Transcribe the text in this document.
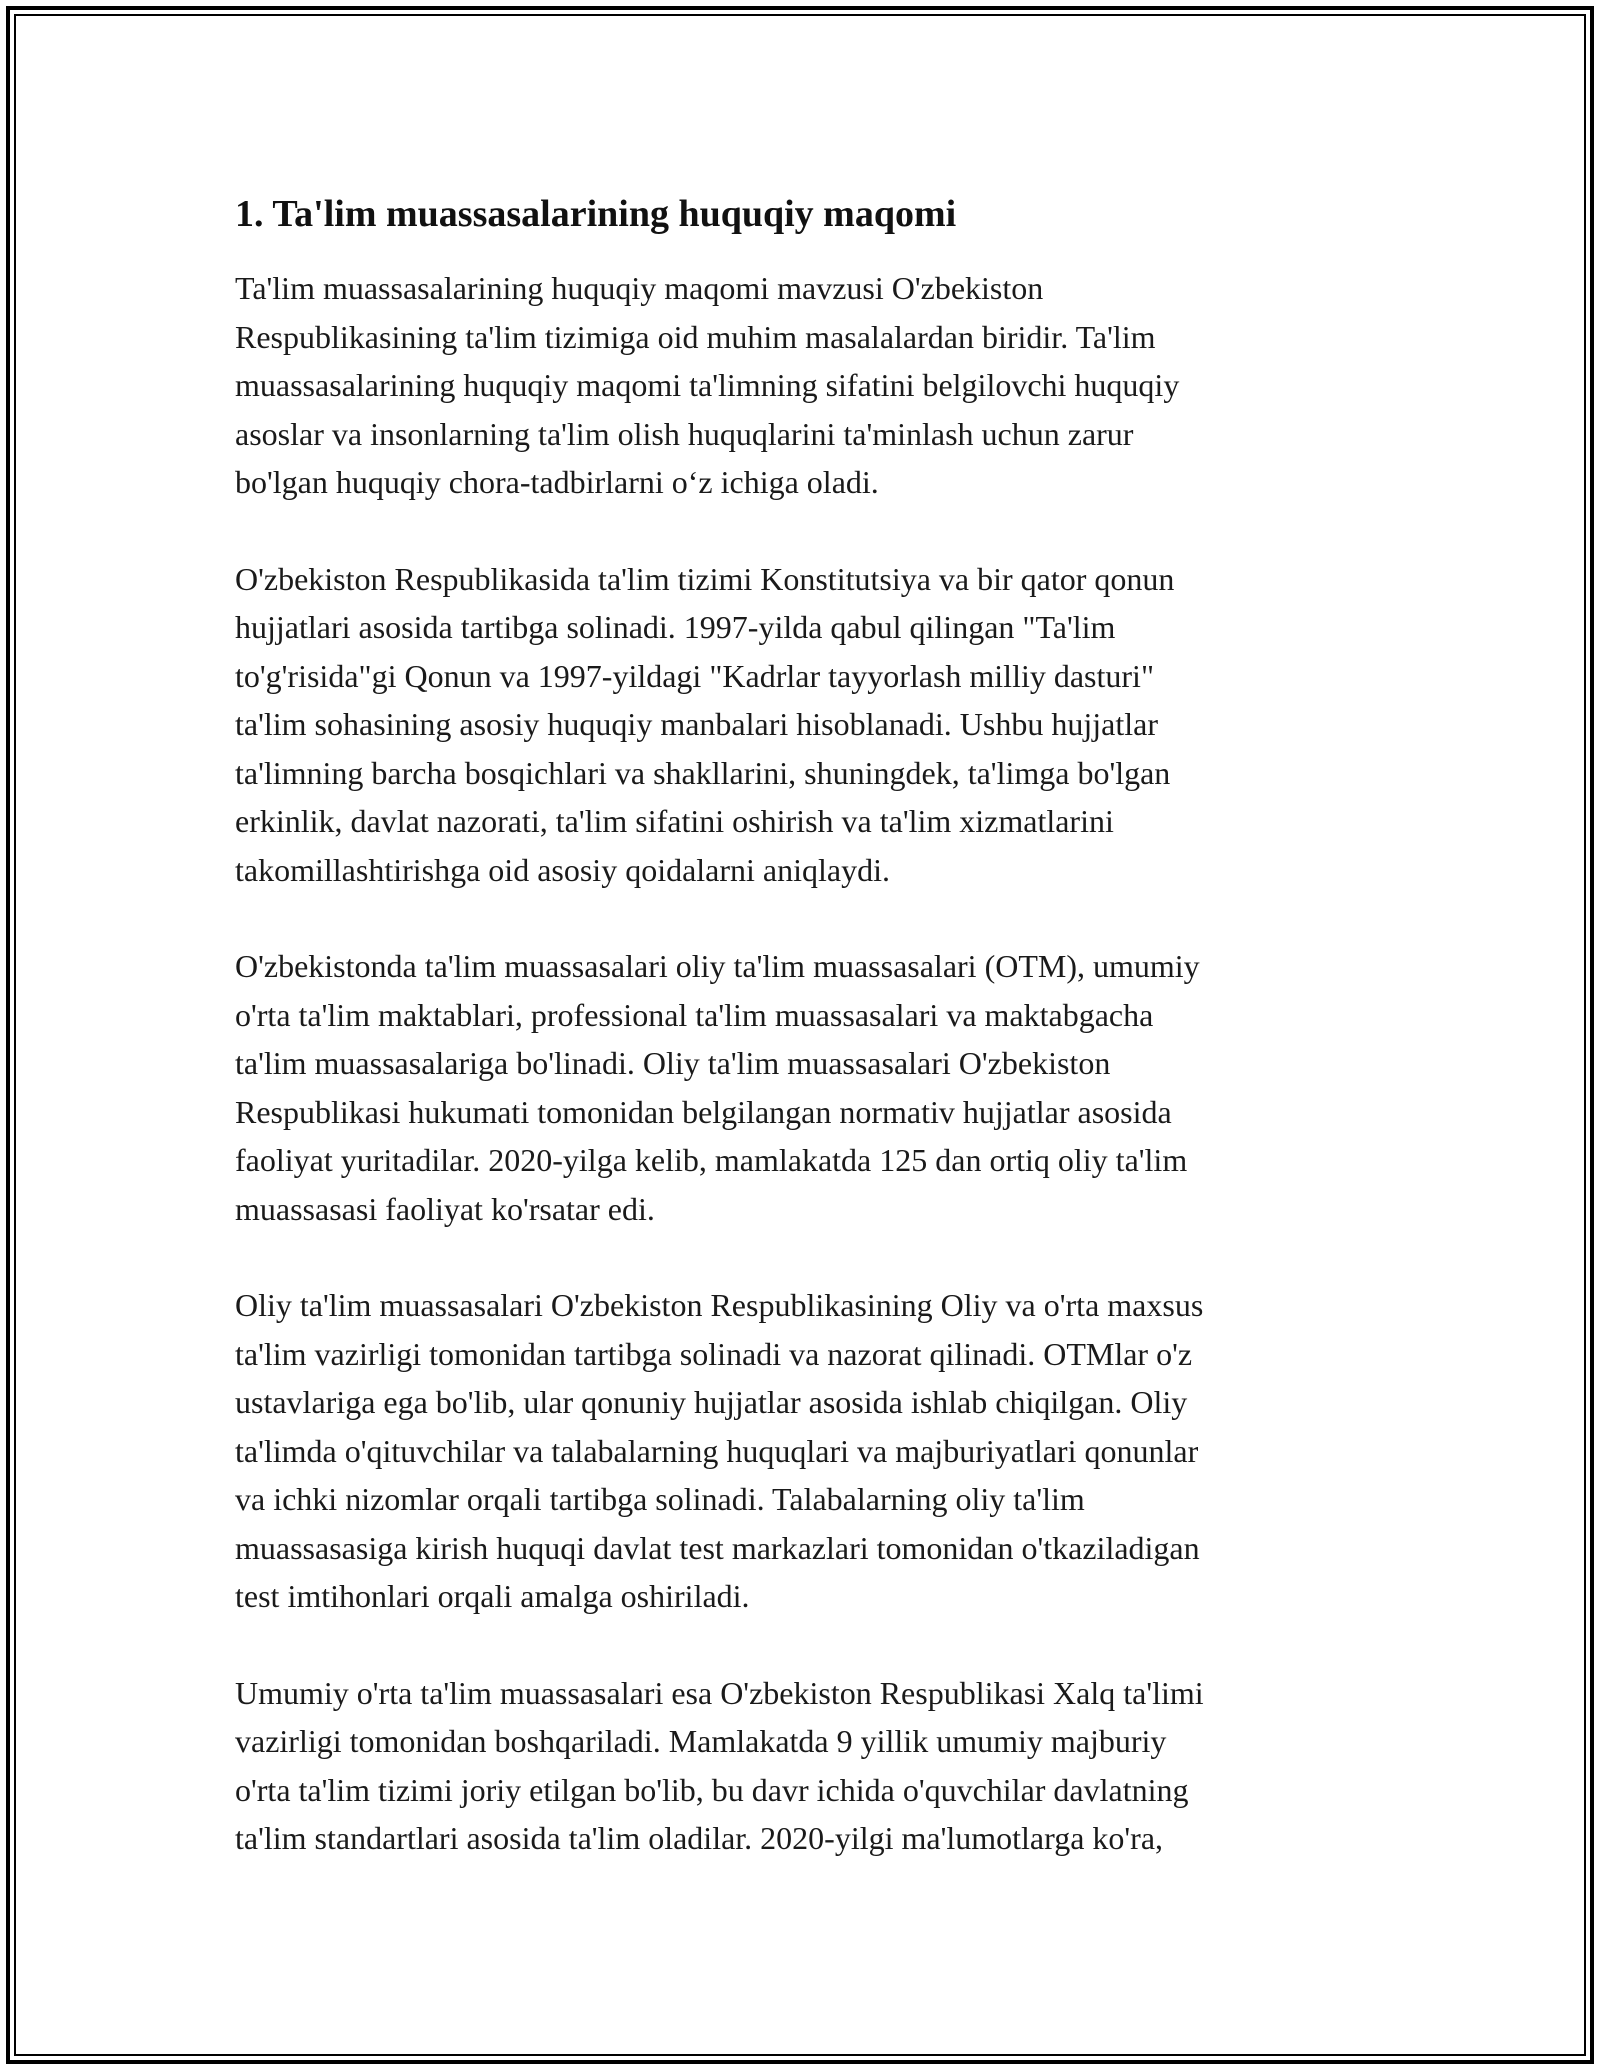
1. Ta'lim muassasalarining huquqiy maqomi

Ta'lim muassasalarining huquqiy maqomi mavzusi O'zbekiston
Respublikasining ta'lim tizimiga oid muhim masalalardan biridir. Ta'lim
muassasalarining huquqiy maqomi ta'limning sifatini belgilovchi huquqiy
asoslar va insonlarning ta'lim olish huquqlarini ta'minlash uchun zarur
bo'lgan huquqiy chora-tadbirlarni o‘z ichiga oladi.

O'zbekiston Respublikasida ta'lim tizimi Konstitutsiya va bir qator qonun
hujjatlari asosida tartibga solinadi. 1997-yilda qabul qilingan "Ta'lim
to'g'risida"gi Qonun va 1997-yildagi "Kadrlar tayyorlash milliy dasturi"
ta'lim sohasining asosiy huquqiy manbalari hisoblanadi. Ushbu hujjatlar
ta'limning barcha bosqichlari va shakllarini, shuningdek, ta'limga bo'lgan
erkinlik, davlat nazorati, ta'lim sifatini oshirish va ta'lim xizmatlarini
takomillashtirishga oid asosiy qoidalarni aniqlaydi.

O'zbekistonda ta'lim muassasalari oliy ta'lim muassasalari (OTM), umumiy
o'rta ta'lim maktablari, professional ta'lim muassasalari va maktabgacha
ta'lim muassasalariga bo'linadi. Oliy ta'lim muassasalari O'zbekiston
Respublikasi hukumati tomonidan belgilangan normativ hujjatlar asosida
faoliyat yuritadilar. 2020-yilga kelib, mamlakatda 125 dan ortiq oliy ta'lim
muassasasi faoliyat ko'rsatar edi.

Oliy ta'lim muassasalari O'zbekiston Respublikasining Oliy va o'rta maxsus
ta'lim vazirligi tomonidan tartibga solinadi va nazorat qilinadi. OTMlar o'z
ustavlariga ega bo'lib, ular qonuniy hujjatlar asosida ishlab chiqilgan. Oliy
ta'limda o'qituvchilar va talabalarning huquqlari va majburiyatlari qonunlar
va ichki nizomlar orqali tartibga solinadi. Talabalarning oliy ta'lim
muassasasiga kirish huquqi davlat test markazlari tomonidan o'tkaziladigan
test imtihonlari orqali amalga oshiriladi.

Umumiy o'rta ta'lim muassasalari esa O'zbekiston Respublikasi Xalq ta'limi
vazirligi tomonidan boshqariladi. Mamlakatda 9 yillik umumiy majburiy
o'rta ta'lim tizimi joriy etilgan bo'lib, bu davr ichida o'quvchilar davlatning
ta'lim standartlari asosida ta'lim oladilar. 2020-yilgi ma'lumotlarga ko'ra,
